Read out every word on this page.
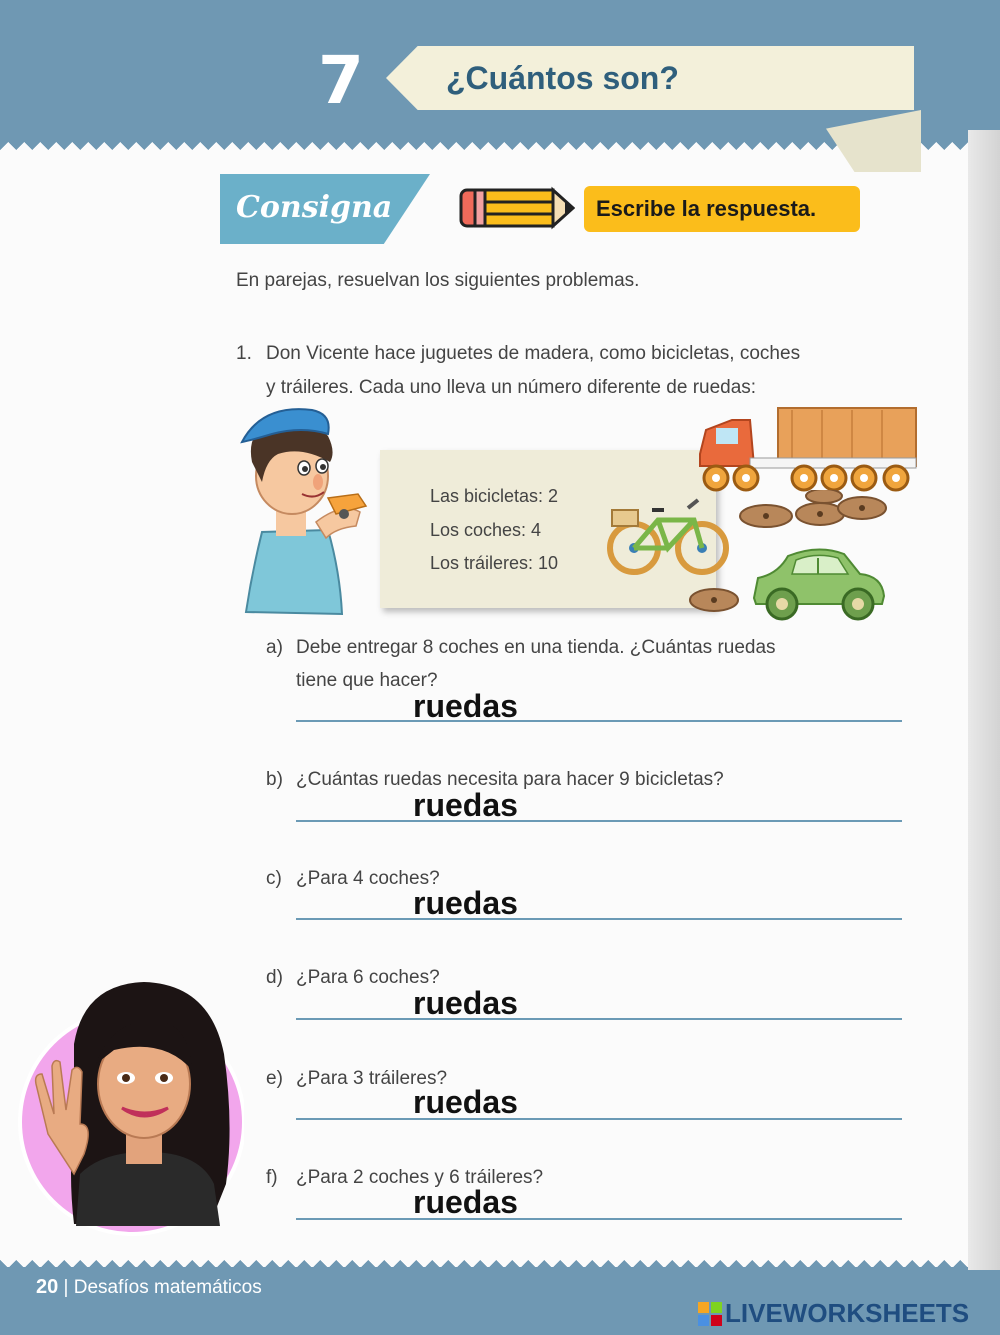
7	¿Cuántos son?
Consigna	Escribe la respuesta.
En parejas, resuelvan los siguientes problemas.
1. Don Vicente hace juguetes de madera, como bicicletas, coches
y tráileres. Cada uno lleva un número diferente de ruedas:
Las bicicletas: 2
Los coches: 4
Los tráileres: 10
a) Debe entregar 8 coches en una tienda. ¿Cuántas ruedas
tiene que hacer?
ruedas
b) ¿Cuántas ruedas necesita para hacer 9 bicicletas?
ruedas
c) ¿Para 4 coches?
ruedas
d) ¿Para 6 coches?
ruedas
e) ¿Para 3 tráileres?
ruedas
f) ¿Para 2 coches y 6 tráileres?
ruedas
20 | Desafíos matemáticos
LIVEWORKSHEETS
